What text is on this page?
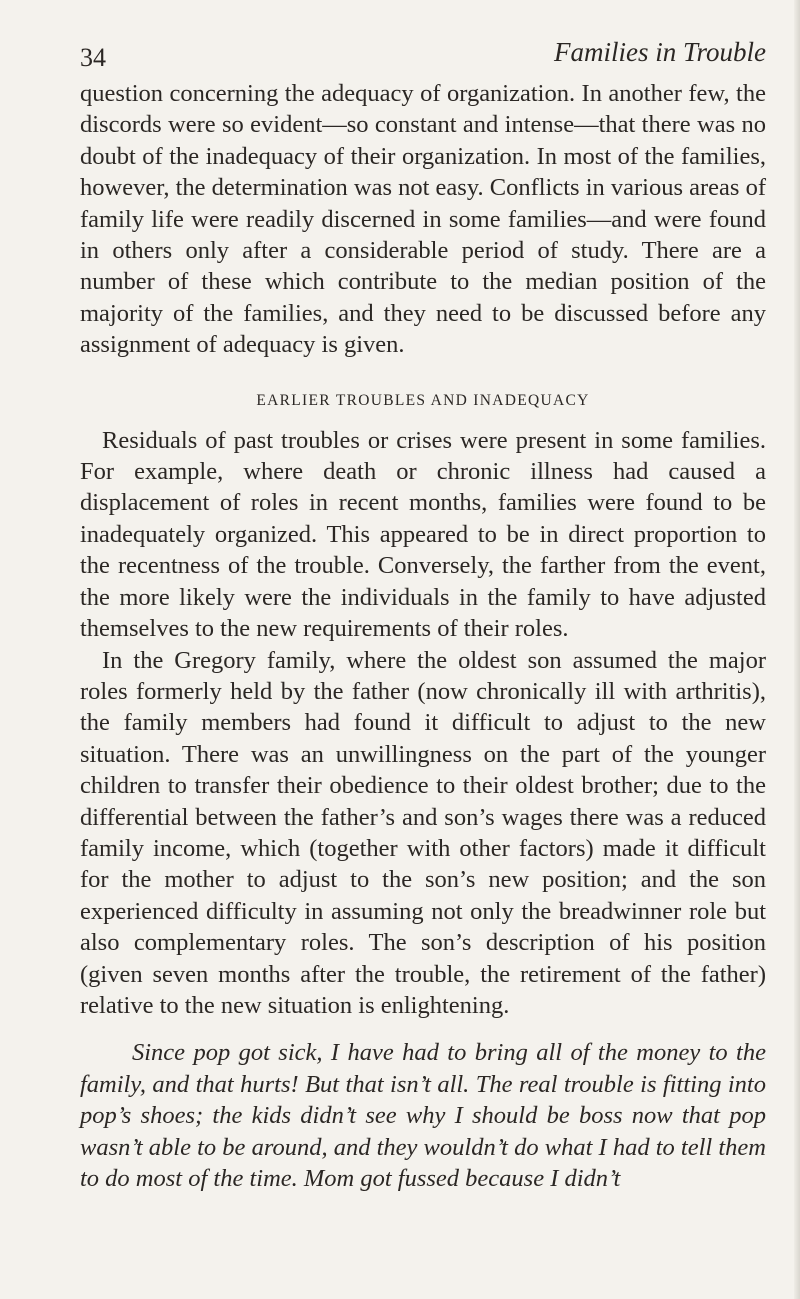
34	Families in Trouble

question concerning the adequacy of organization. In another few, the discords were so evident—so constant and intense—that there was no doubt of the inadequacy of their organization. In most of the families, however, the determination was not easy. Conflicts in various areas of family life were readily discerned in some families—and were found in others only after a considerable period of study. There are a number of these which contribute to the median position of the majority of the families, and they need to be discussed before any assignment of adequacy is given.

EARLIER TROUBLES AND INADEQUACY

Residuals of past troubles or crises were present in some families. For example, where death or chronic illness had caused a displacement of roles in recent months, families were found to be inadequately organized. This appeared to be in direct proportion to the recentness of the trouble. Conversely, the farther from the event, the more likely were the individuals in the family to have adjusted themselves to the new requirements of their roles.

In the Gregory family, where the oldest son assumed the major roles formerly held by the father (now chronically ill with arthritis), the family members had found it difficult to adjust to the new situation. There was an unwillingness on the part of the younger children to transfer their obedience to their oldest brother; due to the differential between the father’s and son’s wages there was a reduced family income, which (together with other factors) made it difficult for the mother to adjust to the son’s new position; and the son experienced difficulty in assuming not only the breadwinner role but also complementary roles. The son’s description of his position (given seven months after the trouble, the retirement of the father) relative to the new situation is enlightening.

Since pop got sick, I have had to bring all of the money to the family, and that hurts! But that isn’t all. The real trouble is fitting into pop’s shoes; the kids didn’t see why I should be boss now that pop wasn’t able to be around, and they wouldn’t do what I had to tell them to do most of the time. Mom got fussed because I didn’t
